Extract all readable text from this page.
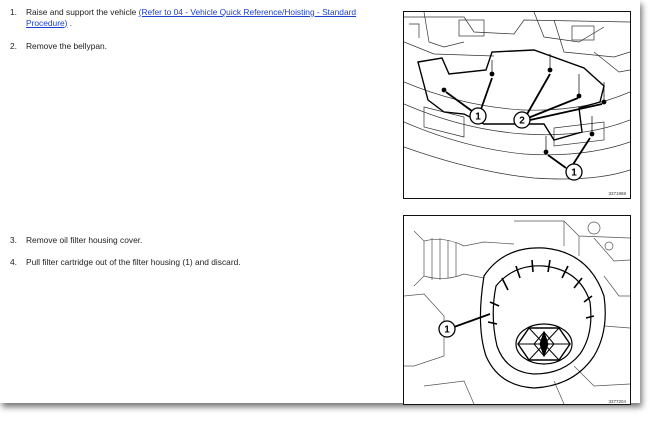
1.	Raise and support the vehicle (Refer to 04 - Vehicle Quick Reference/Hoisting - Standard
Procedure) .
2.	Remove the bellypan.
3.	Remove oil filter housing cover.
4.	Pull filter cartridge out of the filter housing (1) and discard.
1	2
1
3371968
1
3377204
